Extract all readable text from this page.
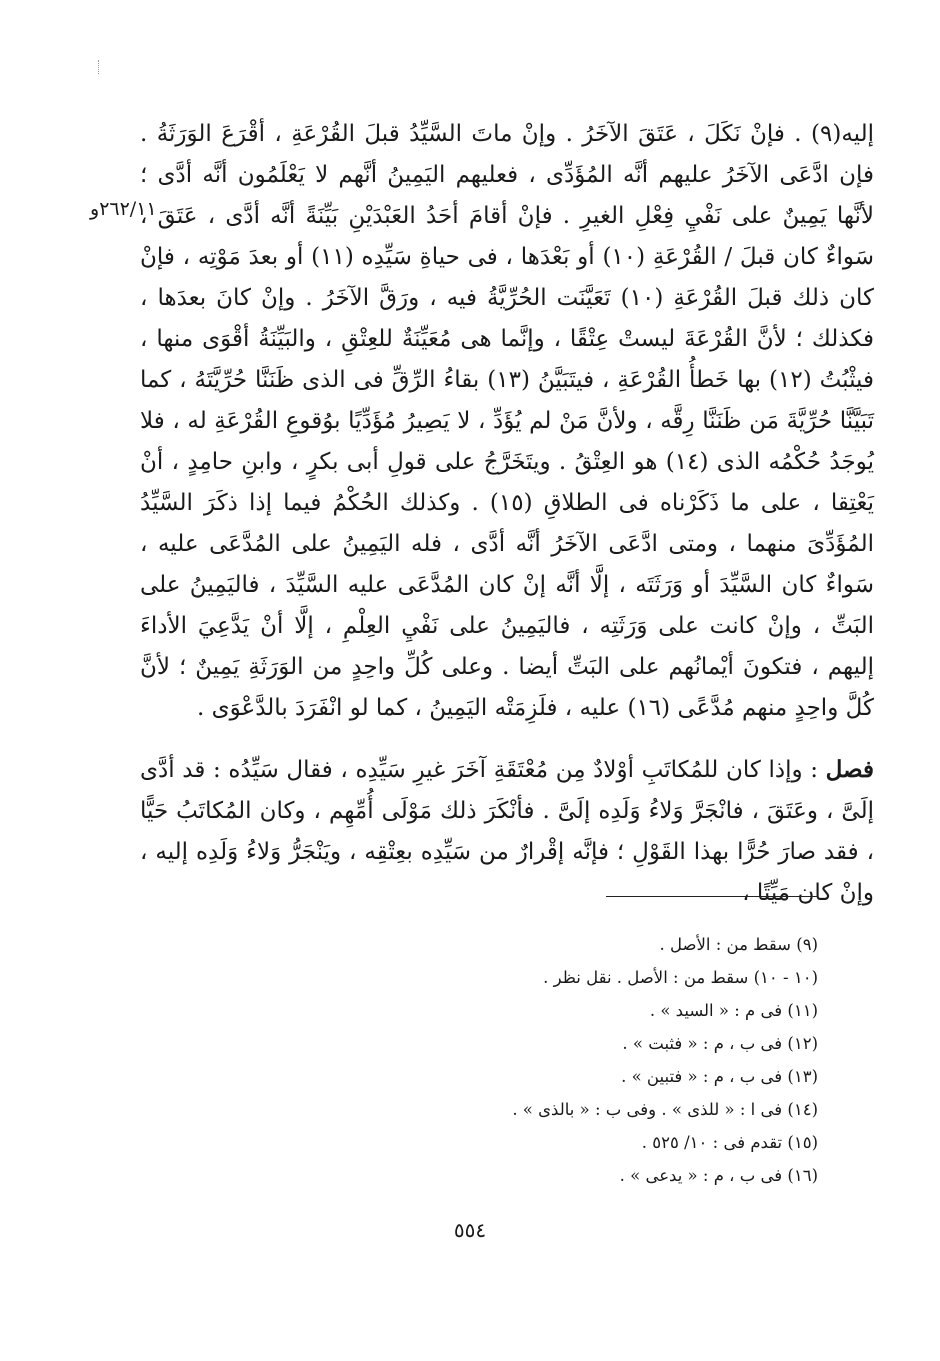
٢٦٢/١١و

إليه(٩) . فإنْ نَكَلَ ، عَتَقَ الآخَرُ . وإنْ ماتَ السَّيِّدُ قبلَ القُرْعَةِ ، أقْرَعَ الوَرَثَةُ . فإن ادَّعَى الآخَرُ عليهم أنَّه المُؤَدِّى ، فعليهم اليَمِينُ أنَّهم لا يَعْلَمُون أنَّه أدَّى ؛ لأنَّها يَمِينٌ على نَفْيِ فِعْلِ الغيرِ . فإنْ أقامَ أحَدُ العَبْدَيْنِ بَيِّنَةً أنَّه أدَّى ، عَتَقَ ، سَواءٌ كان قبلَ / القُرْعَةِ (١٠) أو بَعْدَها ، فى حياةِ سَيِّدِه (١١) أو بعدَ مَوْتِه ، فإنْ كان ذلك قبلَ القُرْعَةِ (١٠) تَعَيَّنَت الحُرِّيَّةُ فيه ، ورَقَّ الآخَرُ . وإنْ كانَ بعدَها ، فكذلك ؛ لأنَّ القُرْعَةَ ليستْ عِتْقًا ، وإنَّما هى مُعَيِّنَةٌ للعِتْقِ ، والبَيِّنَةُ أقْوَى منها ، فيثْبُتُ (١٢) بها خَطأُ القُرْعَةِ ، فيتَبَيَّنُ (١٣) بقاءُ الرِّقِّ فى الذى ظَنَنَّا حُرِّيَّتَهُ ، كما تَبَيَّنَّا حُرِّيَّةَ مَن ظَنَنَّا رِقَّه ، ولأنَّ مَنْ لم يُؤَدِّ ، لا يَصِيرُ مُؤَدِّيًا بوُقوعِ القُرْعَةِ له ، فلا يُوجَدُ حُكْمُه الذى (١٤) هو العِتْقُ . ويتَخَرَّجُ على قولِ أبى بكرٍ ، وابنِ حامِدٍ ، أنْ يَعْتِقا ، على ما ذَكَرْناه فى الطلاقِ (١٥) . وكذلك الحُكْمُ فيما إذا ذكَرَ السَّيِّدُ المُؤَدِّىَ منهما ، ومتى ادَّعَى الآخَرُ أنَّه أدَّى ، فله اليَمِينُ على المُدَّعَى عليه ، سَواءٌ كان السَّيِّدَ أو وَرَثَتَه ، إلَّا أنَّه إنْ كان المُدَّعَى عليه السَّيِّدَ ، فاليَمِينُ على البَتِّ ، وإنْ كانت على وَرَثَتِه ، فاليَمِينُ على نَفْيِ العِلْمِ ، إلَّا أنْ يَدَّعِيَ الأداءَ إليهم ، فتكونَ أيْمانُهم على البَتِّ أيضا . وعلى كُلِّ واحِدٍ من الوَرَثَةِ يَمِينٌ ؛ لأنَّ كُلَّ واحِدٍ منهم مُدَّعًى (١٦) عليه ، فلَزِمَتْه اليَمِينُ ، كما لو انْفَرَدَ بالدَّعْوَى .

فصل : وإذا كان للمُكاتَبِ أوْلادٌ مِن مُعْتَقَةِ آخَرَ غيرِ سَيِّدِه ، فقال سَيِّدُه : قد أدَّى إلَىَّ ، وعَتَقَ ، فانْجَرَّ وَلاءُ وَلَدِه إلَىَّ . فأنْكَرَ ذلك مَوْلَى أُمِّهِم ، وكان المُكاتَبُ حَيًّا ، فقد صارَ حُرًّا بهذا القَوْلِ ؛ فإنَّه إقْرارٌ من سَيِّدِه بعِتْقِه ، ويَنْجَرُّ وَلاءُ وَلَدِه إليه ، وإنْ كان مَيِّتًا ،

(٩) سقط من : الأصل .
(١٠ - ١٠) سقط من : الأصل . نقل نظر .
(١١) فى م : « السيد » .
(١٢) فى ب ، م : « فثبت » .
(١٣) فى ب ، م : « فتبين » .
(١٤) فى ا : « للذى » . وفى ب : « بالذى » .
(١٥) تقدم فى : ١٠/ ٥٢٥ .
(١٦) فى ب ، م : « يدعى » .
٥٥٤
